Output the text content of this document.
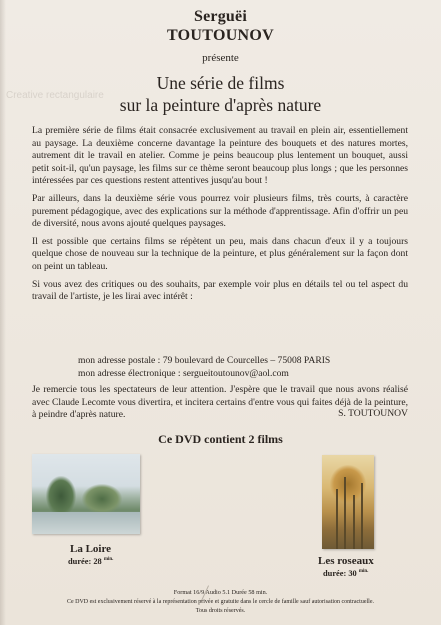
Serguëi
TOUTOUNOV
présente
Creative rectangulaire
Une série de films
sur la peinture d'après nature

La première série de films était consacrée exclusivement au travail en plein air, essentiellement au paysage. La deuxième concerne davantage la peinture des bouquets et des natures mortes, autrement dit le travail en atelier. Comme je peins beaucoup plus lentement un bouquet, aussi petit soit-il, qu'un paysage, les films sur ce thème seront beaucoup plus longs ; que les personnes intéressées par ces questions restent attentives jusqu'au bout !

Par ailleurs, dans la deuxième série vous pourrez voir plusieurs films, très courts, à caractère purement pédagogique, avec des explications sur la méthode d'apprentissage. Afin d'offrir un peu de diversité, nous avons ajouté quelques paysages.

Il est possible que certains films se répètent un peu, mais dans chacun d'eux il y a toujours quelque chose de nouveau sur la technique de la peinture, et plus généralement sur la façon dont on peint un tableau.

Si vous avez des critiques ou des souhaits, par exemple voir plus en détails tel ou tel aspect du travail de l'artiste, je les lirai avec intérêt :

mon adresse postale : 79 boulevard de Courcelles – 75008 PARIS
mon adresse électronique : sergueitoutounov@aol.com
Je remercie tous les spectateurs de leur attention. J'espère que le travail que nous avons réalisé avec Claude Lecomte vous divertira, et incitera certains d'entre vous qui faites déjà de la peinture, à peindre d'après nature.	S. TOUTOUNOV
Ce DVD contient 2 films
La Loire
durée: 28 $^{min.}$	Les roseaux
durée: 30 $^{min.}$
Format 16/9 Audio 5.1 Durée 58 min.
Ce DVD est exclusivement réservé à la représentation privée et gratuite dans le cercle de famille sauf autorisation contractuelle.
Tous droits réservés.
